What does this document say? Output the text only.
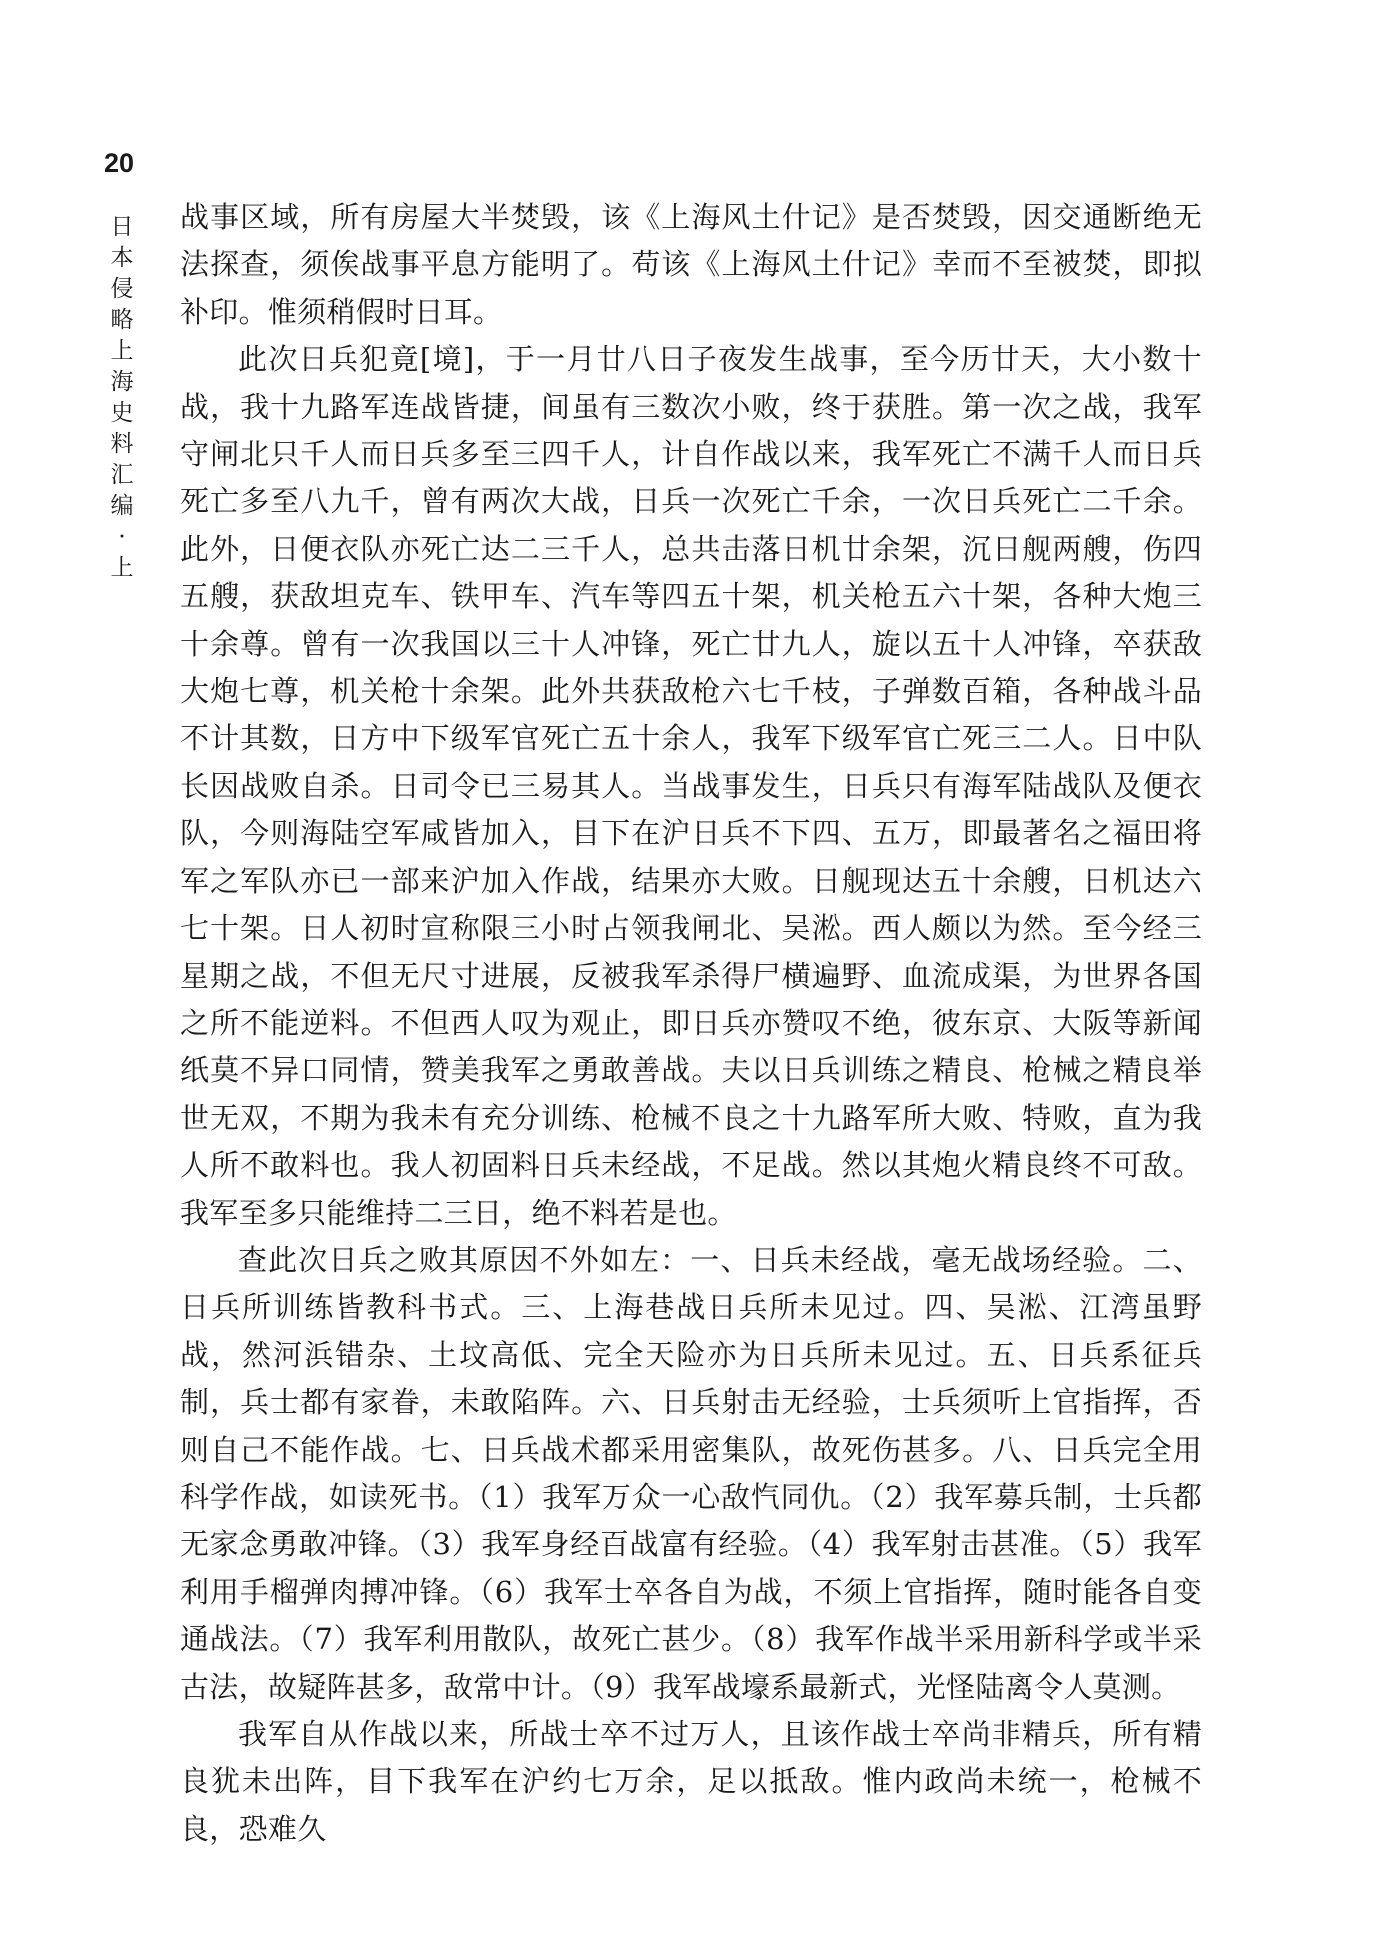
20
日本侵略上海史料汇编·上

战事区域，所有房屋大半焚毁，该《上海风土什记》是否焚毁，因交通断绝无法探查，须俟战事平息方能明了。苟该《上海风土什记》幸而不至被焚，即拟补印。惟须稍假时日耳。

此次日兵犯竟[境]，于一月廿八日子夜发生战事，至今历廿天，大小数十战，我十九路军连战皆捷，间虽有三数次小败，终于获胜。第一次之战，我军守闸北只千人而日兵多至三四千人，计自作战以来，我军死亡不满千人而日兵死亡多至八九千，曾有两次大战，日兵一次死亡千余，一次日兵死亡二千余。此外，日便衣队亦死亡达二三千人，总共击落日机廿余架，沉日舰两艘，伤四五艘，获敌坦克车、铁甲车、汽车等四五十架，机关枪五六十架，各种大炮三十余尊。曾有一次我国以三十人冲锋，死亡廿九人，旋以五十人冲锋，卒获敌大炮七尊，机关枪十余架。此外共获敌枪六七千枝，子弹数百箱，各种战斗品不计其数，日方中下级军官死亡五十余人，我军下级军官亡死三二人。日中队长因战败自杀。日司令已三易其人。当战事发生，日兵只有海军陆战队及便衣队，今则海陆空军咸皆加入，目下在沪日兵不下四、五万，即最著名之福田将军之军队亦已一部来沪加入作战，结果亦大败。日舰现达五十余艘，日机达六七十架。日人初时宣称限三小时占领我闸北、吴淞。西人颇以为然。至今经三星期之战，不但无尺寸进展，反被我军杀得尸横遍野、血流成渠，为世界各国之所不能逆料。不但西人叹为观止，即日兵亦赞叹不绝，彼东京、大阪等新闻纸莫不异口同情，赞美我军之勇敢善战。夫以日兵训练之精良、枪械之精良举世无双，不期为我未有充分训练、枪械不良之十九路军所大败、特败，直为我人所不敢料也。我人初固料日兵未经战，不足战。然以其炮火精良终不可敌。我军至多只能维持二三日，绝不料若是也。

查此次日兵之败其原因不外如左：一、日兵未经战，毫无战场经验。二、日兵所训练皆教科书式。三、上海巷战日兵所未见过。四、吴淞、江湾虽野战，然河浜错杂、土坟高低、完全天险亦为日兵所未见过。五、日兵系征兵制，兵士都有家眷，未敢陷阵。六、日兵射击无经验，士兵须听上官指挥，否则自己不能作战。七、日兵战术都采用密集队，故死伤甚多。八、日兵完全用科学作战，如读死书。（1）我军万众一心敌忾同仇。（2）我军募兵制，士兵都无家念勇敢冲锋。（3）我军身经百战富有经验。（4）我军射击甚准。（5）我军利用手榴弹肉搏冲锋。（6）我军士卒各自为战，不须上官指挥，随时能各自变通战法。（7）我军利用散队，故死亡甚少。（8）我军作战半采用新科学或半采古法，故疑阵甚多，敌常中计。（9）我军战壕系最新式，光怪陆离令人莫测。

我军自从作战以来，所战士卒不过万人，且该作战士卒尚非精兵，所有精良犹未出阵，目下我军在沪约七万余，足以抵敌。惟内政尚未统一，枪械不良，恐难久
